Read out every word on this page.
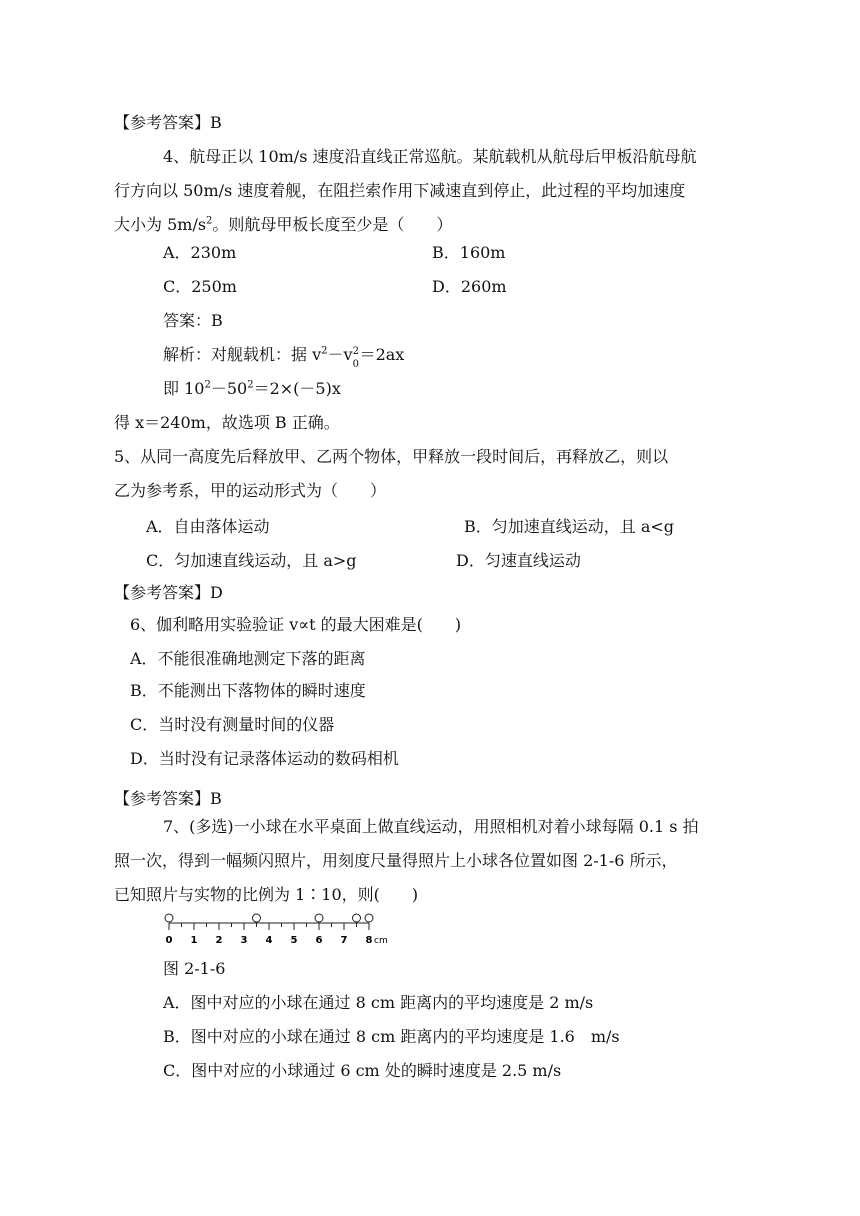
【参考答案】B
4、航母正以 10m/s 速度沿直线正常巡航。某航载机从航母后甲板沿航母航
行方向以 50m/s 速度着舰，在阻拦索作用下减速直到停止，此过程的平均加速度
大小为 $5m/s^2$。则航母甲板长度至少是（　　）
A．230m	B．160m
C．250m	D．260m
答案：B
解析：对舰载机：据 $v^2-v$ 2
0
＝2ax
即 $10^2-50^2=2\times(-5)x$
得 x＝240m，故选项 B 正确。
5、从同一高度先后释放甲、乙两个物体，甲释放一段时间后，再释放乙，则以
乙为参考系，甲的运动形式为（　　）
A．自由落体运动	B．匀加速直线运动，且 a<g
C．匀加速直线运动，且 a>g	D．匀速直线运动
【参考答案】D
6、伽利略用实验验证 v∝t 的最大困难是(　　)
A．不能很准确地测定下落的距离
B．不能测出下落物体的瞬时速度
C．当时没有测量时间的仪器
D．当时没有记录落体运动的数码相机
【参考答案】B
7、(多选)一小球在水平桌面上做直线运动，用照相机对着小球每隔 0.1 s 拍
照一次，得到一幅频闪照片，用刻度尺量得照片上小球各位置如图 2-1-6 所示，
已知照片与实物的比例为 1∶10，则(　　)
0 1 2 3 4 5 6 7 8 cm
图 2-1-6
A．图中对应的小球在通过 8 cm 距离内的平均速度是 2 m/s
B．图中对应的小球在通过 8 cm 距离内的平均速度是 1.6　m/s
C．图中对应的小球通过 6 cm 处的瞬时速度是 2.5 m/s
